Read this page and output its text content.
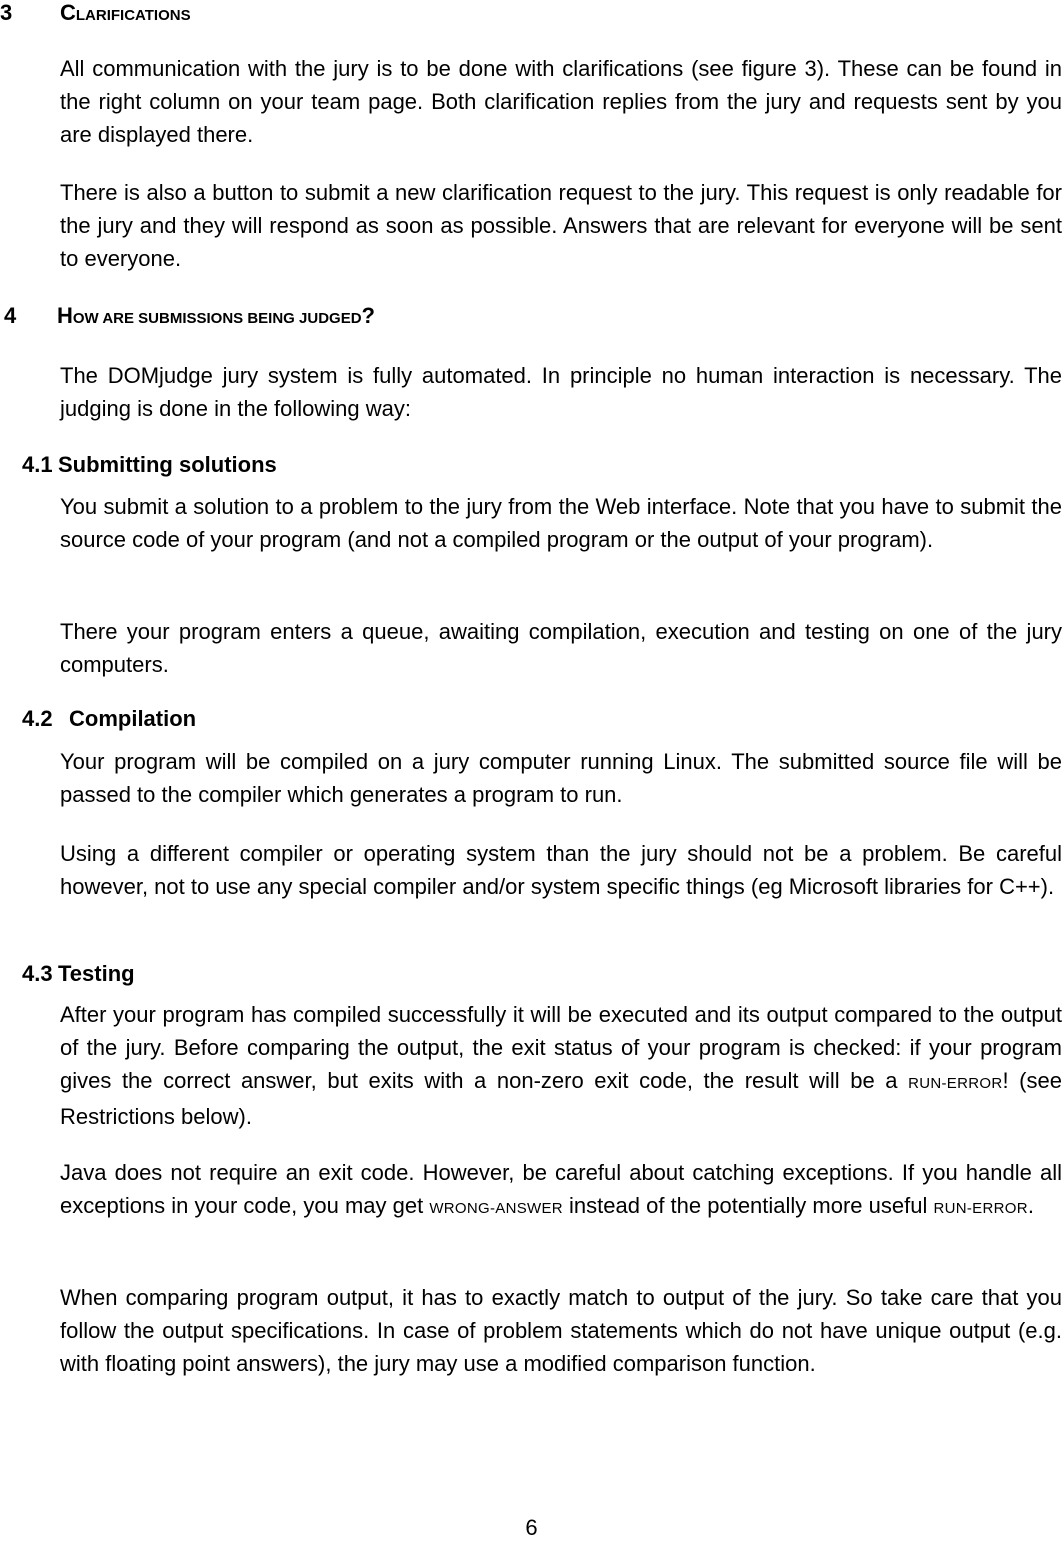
3 CLARIFICATIONS

All communication with the jury is to be done with clarifications (see figure 3). These can be found in the right column on your team page. Both clarification replies from the jury and requests sent by you are displayed there.

There is also a button to submit a new clarification request to the jury. This request is only readable for the jury and they will respond as soon as possible. Answers that are relevant for everyone will be sent to everyone.

4 HOW ARE SUBMISSIONS BEING JUDGED?

The DOMjudge jury system is fully automated. In principle no human interaction is necessary. The judging is done in the following way:

4.1 Submitting solutions

You submit a solution to a problem to the jury from the Web interface. Note that you have to submit the source code of your program (and not a compiled program or the output of your program).

There your program enters a queue, awaiting compilation, execution and testing on one of the jury computers.

4.2 Compilation

Your program will be compiled on a jury computer running Linux. The submitted source file will be passed to the compiler which generates a program to run.

Using a different compiler or operating system than the jury should not be a problem. Be careful however, not to use any special compiler and/or system specific things (eg Microsoft libraries for C++).

4.3 Testing

After your program has compiled successfully it will be executed and its output compared to the output of the jury. Before comparing the output, the exit status of your program is checked: if your program gives the correct answer, but exits with a non-zero exit code, the result will be a RUN-ERROR! (see Restrictions below).

Java does not require an exit code. However, be careful about catching exceptions. If you handle all exceptions in your code, you may get WRONG-ANSWER instead of the potentially more useful RUN-ERROR.

When comparing program output, it has to exactly match to output of the jury. So take care that you follow the output specifications. In case of problem statements which do not have unique output (e.g. with floating point answers), the jury may use a modified comparison function.

6
